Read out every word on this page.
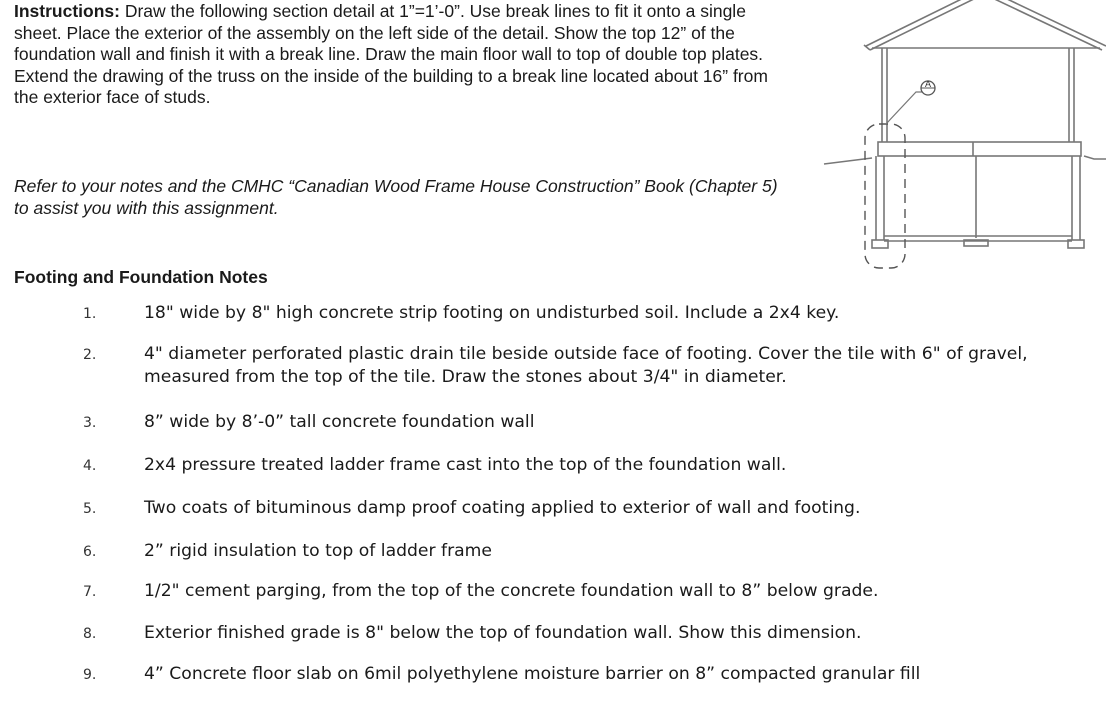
Instructions: Draw the following section detail at 1”=1’-0”. Use break lines to fit it onto a single sheet. Place the exterior of the assembly on the left side of the detail. Show the top 12” of the foundation wall and finish it with a break line. Draw the main floor wall to top of double top plates. Extend the drawing of the truss on the inside of the building to a break line located about 16” from the exterior face of studs.

Refer to your notes and the CMHC “Canadian Wood Frame House Construction” Book (Chapter 5) to assist you with this assignment.

A

Footing and Foundation Notes

1.	18" wide by 8" high concrete strip footing on undisturbed soil. Include a 2x4 key.
2.	4" diameter perforated plastic drain tile beside outside face of footing. Cover the tile with 6" of gravel,
measured from the top of the tile. Draw the stones about 3/4" in diameter.
3.	8” wide by 8’-0” tall concrete foundation wall
4.	2x4 pressure treated ladder frame cast into the top of the foundation wall.
5.	Two coats of bituminous damp proof coating applied to exterior of wall and footing.
6.	2” rigid insulation to top of ladder frame
7.	1/2" cement parging, from the top of the concrete foundation wall to 8” below grade.
8.	Exterior finished grade is 8" below the top of foundation wall. Show this dimension.
9.	4” Concrete floor slab on 6mil polyethylene moisture barrier on 8” compacted granular fill
